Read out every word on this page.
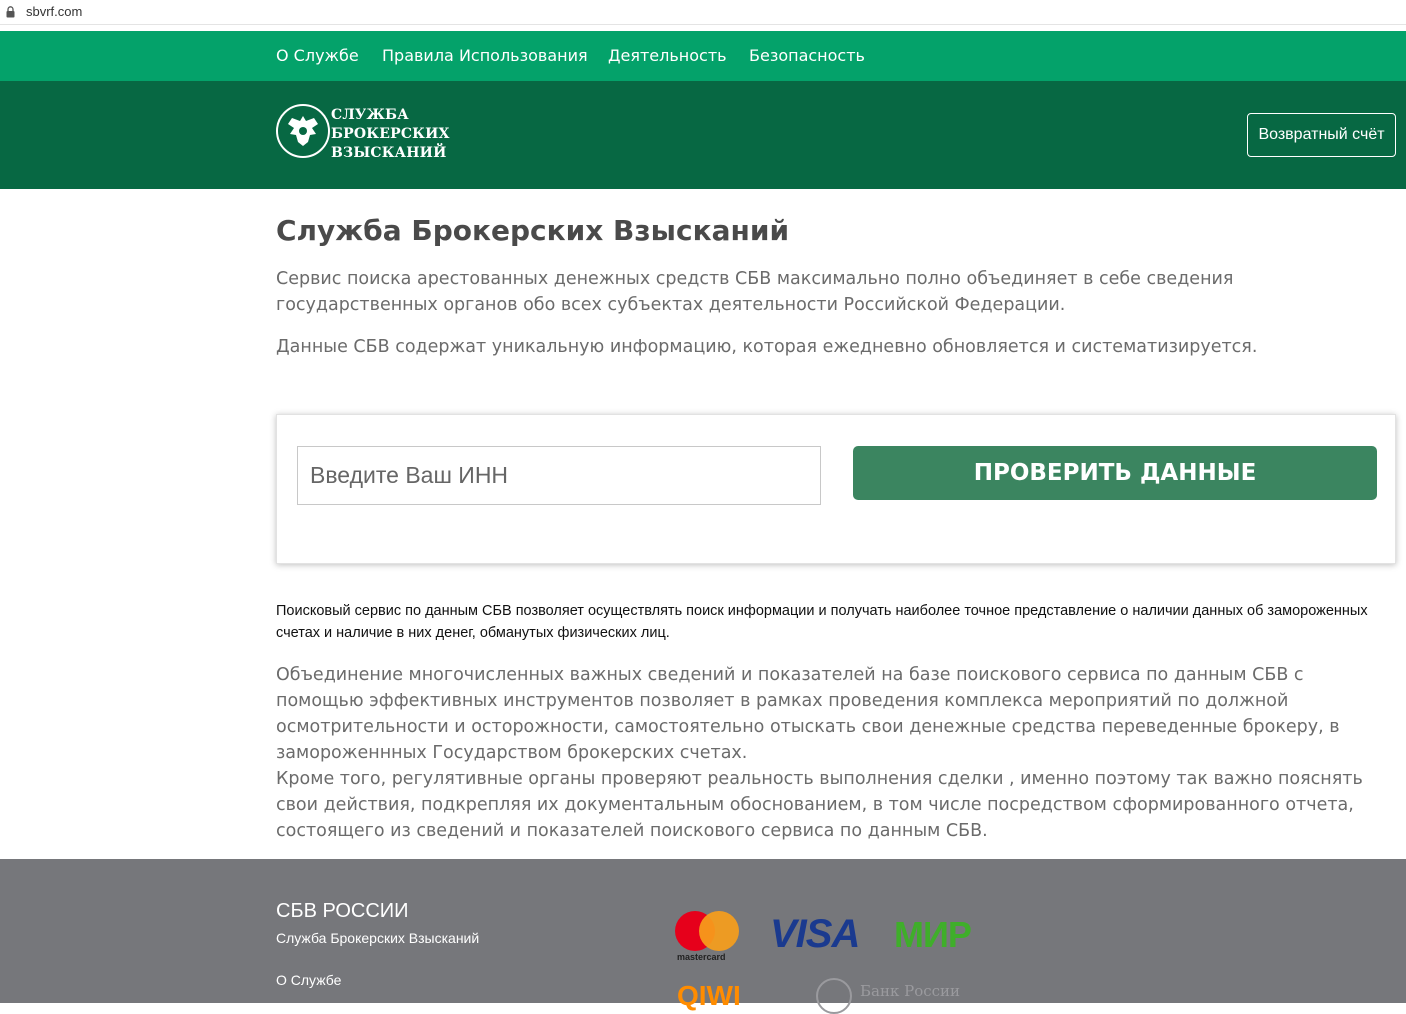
sbvrf.com
О Службе Правила Использования Деятельность Безопасность
СЛУЖБА
БРОКЕРСКИХ
ВЗЫСКАНИЙ
Возвратный счёт
Служба Брокерских Взысканий

Сервис поиска арестованных денежных средств СБВ максимально полно объединяет в себе сведения государственных органов обо всех субъектах деятельности Российской Федерации.

Данные СБВ содержат уникальную информацию, которая ежедневно обновляется и систематизируется.

Введите Ваш ИНН
ПРОВЕРИТЬ ДАННЫЕ

Поисковый сервис по данным СБВ позволяет осуществлять поиск информации и получать наиболее точное представление о наличии данных об замороженных счетах и наличие в них денег, обманутых физических лиц.

Объединение многочисленных важных сведений и показателей на базе поискового сервиса по данным СБВ с помощью эффективных инструментов позволяет в рамках проведения комплекса мероприятий по должной осмотрительности и осторожности, самостоятельно отыскать свои денежные средства переведенные брокеру, в замороженнных Государством брокерских счетах.
Кроме того, регулятивные органы проверяют реальность выполнения сделки , именно поэтому так важно пояснять свои действия, подкрепляя их документальным обоснованием, в том числе посредством сформированного отчета, состоящего из сведений и показателей поискового сервиса по данным СБВ.
СБВ РОССИИ
Служба Брокерских Взысканий
О Службе
mastercard
VISA МИР
QIWI	Банк России
